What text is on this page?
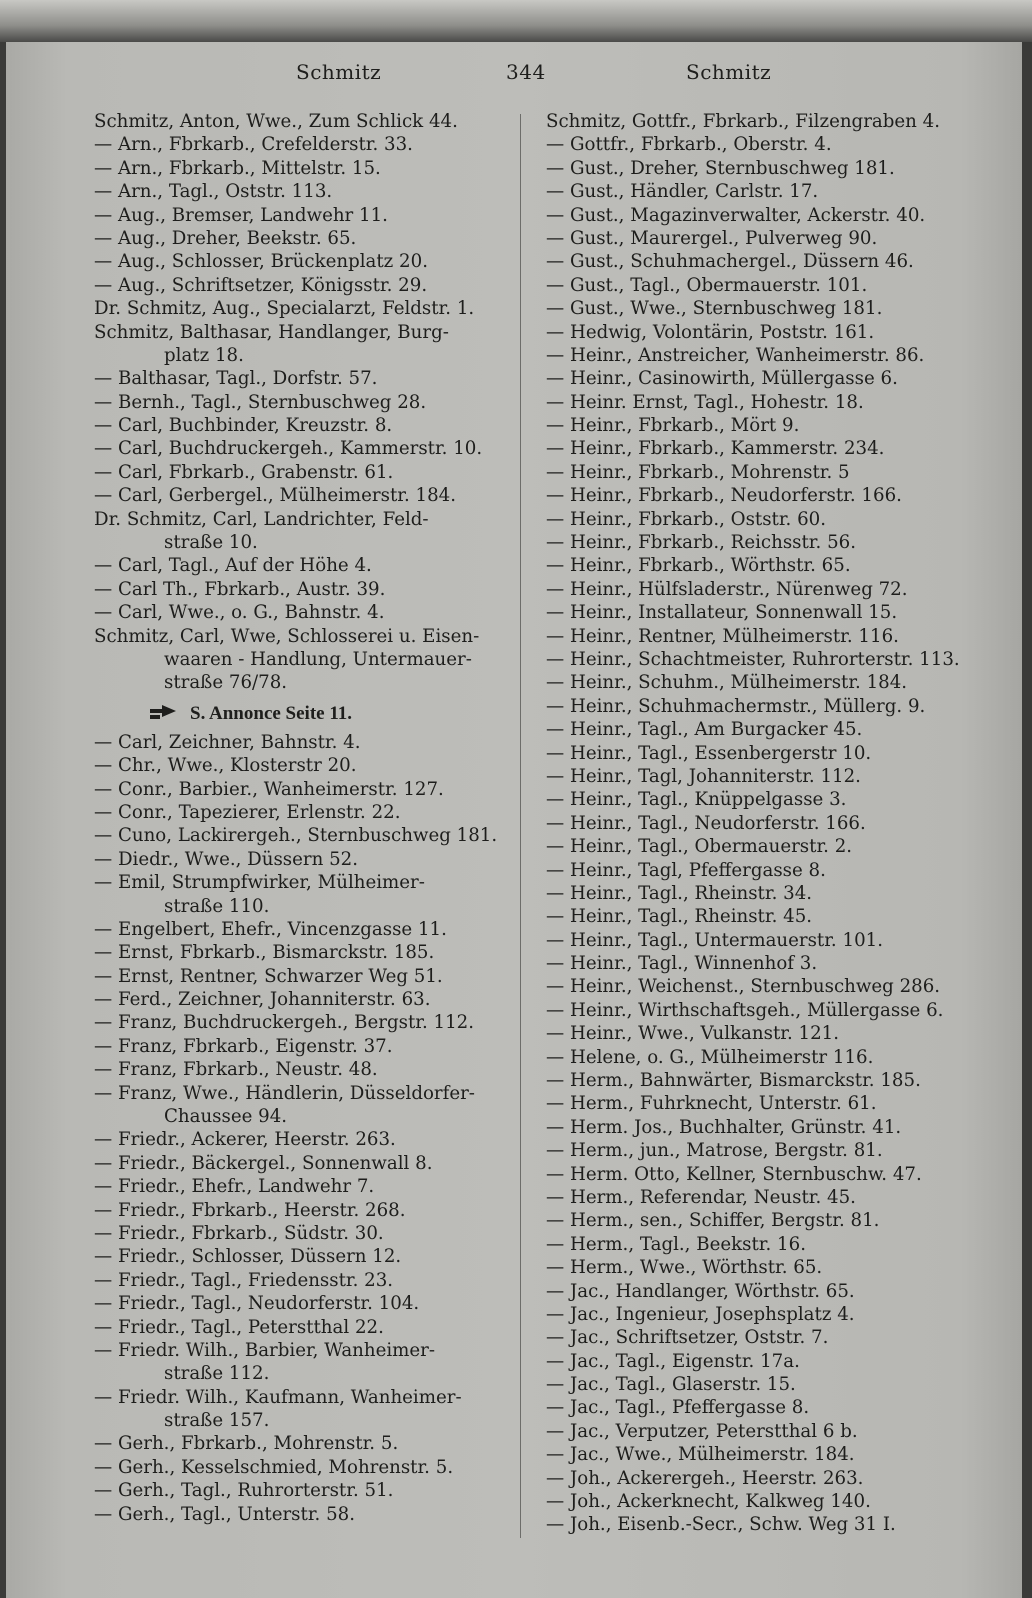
Schmitz	344	Schmitz
Schmitz, Anton, Wwe., Zum Schlick 44.
— Arn., Fbrkarb., Crefelderstr. 33.
— Arn., Fbrkarb., Mittelstr. 15.
— Arn., Tagl., Oststr. 113.
— Aug., Bremser, Landwehr 11.
— Aug., Dreher, Beekstr. 65.
— Aug., Schlosser, Brückenplatz 20.
— Aug., Schriftsetzer, Königsstr. 29.
Dr. Schmitz, Aug., Specialarzt, Feldstr. 1.
Schmitz, Balthasar, Handlanger, Burg-
platz 18.
— Balthasar, Tagl., Dorfstr. 57.
— Bernh., Tagl., Sternbuschweg 28.
— Carl, Buchbinder, Kreuzstr. 8.
— Carl, Buchdruckergeh., Kammerstr. 10.
— Carl, Fbrkarb., Grabenstr. 61.
— Carl, Gerbergel., Mülheimerstr. 184.
Dr. Schmitz, Carl, Landrichter, Feld-
straße 10.
— Carl, Tagl., Auf der Höhe 4.
— Carl Th., Fbrkarb., Austr. 39.
— Carl, Wwe., o. G., Bahnstr. 4.
Schmitz, Carl, Wwe, Schlosserei u. Eisen-
waaren - Handlung, Untermauer-
straße 76/78.
S. Annonce Seite 11.
— Carl, Zeichner, Bahnstr. 4.
— Chr., Wwe., Klosterstr 20.
— Conr., Barbier., Wanheimerstr. 127.
— Conr., Tapezierer, Erlenstr. 22.
— Cuno, Lackirergeh., Sternbuschweg 181.
— Diedr., Wwe., Düssern 52.
— Emil, Strumpfwirker, Mülheimer-
straße 110.
— Engelbert, Ehefr., Vincenzgasse 11.
— Ernst, Fbrkarb., Bismarckstr. 185.
— Ernst, Rentner, Schwarzer Weg 51.
— Ferd., Zeichner, Johanniterstr. 63.
— Franz, Buchdruckergeh., Bergstr. 112.
— Franz, Fbrkarb., Eigenstr. 37.
— Franz, Fbrkarb., Neustr. 48.
— Franz, Wwe., Händlerin, Düsseldorfer-
Chaussee 94.
— Friedr., Ackerer, Heerstr. 263.
— Friedr., Bäckergel., Sonnenwall 8.
— Friedr., Ehefr., Landwehr 7.
— Friedr., Fbrkarb., Heerstr. 268.
— Friedr., Fbrkarb., Südstr. 30.
— Friedr., Schlosser, Düssern 12.
— Friedr., Tagl., Friedensstr. 23.
— Friedr., Tagl., Neudorferstr. 104.
— Friedr., Tagl., Peterstthal 22.
— Friedr. Wilh., Barbier, Wanheimer-
straße 112.
— Friedr. Wilh., Kaufmann, Wanheimer-
straße 157.
— Gerh., Fbrkarb., Mohrenstr. 5.
— Gerh., Kesselschmied, Mohrenstr. 5.
— Gerh., Tagl., Ruhrorterstr. 51.
— Gerh., Tagl., Unterstr. 58.
Schmitz, Gottfr., Fbrkarb., Filzengraben 4.
— Gottfr., Fbrkarb., Oberstr. 4.
— Gust., Dreher, Sternbuschweg 181.
— Gust., Händler, Carlstr. 17.
— Gust., Magazinverwalter, Ackerstr. 40.
— Gust., Maurergel., Pulverweg 90.
— Gust., Schuhmachergel., Düssern 46.
— Gust., Tagl., Obermauerstr. 101.
— Gust., Wwe., Sternbuschweg 181.
— Hedwig, Volontärin, Poststr. 161.
— Heinr., Anstreicher, Wanheimerstr. 86.
— Heinr., Casinowirth, Müllergasse 6.
— Heinr. Ernst, Tagl., Hohestr. 18.
— Heinr., Fbrkarb., Mört 9.
— Heinr., Fbrkarb., Kammerstr. 234.
— Heinr., Fbrkarb., Mohrenstr. 5
— Heinr., Fbrkarb., Neudorferstr. 166.
— Heinr., Fbrkarb., Oststr. 60.
— Heinr., Fbrkarb., Reichsstr. 56.
— Heinr., Fbrkarb., Wörthstr. 65.
— Heinr., Hülfsladerstr., Nürenweg 72.
— Heinr., Installateur, Sonnenwall 15.
— Heinr., Rentner, Mülheimerstr. 116.
— Heinr., Schachtmeister, Ruhrorterstr. 113.
— Heinr., Schuhm., Mülheimerstr. 184.
— Heinr., Schuhmachermstr., Müllerg. 9.
— Heinr., Tagl., Am Burgacker 45.
— Heinr., Tagl., Essenbergerstr 10.
— Heinr., Tagl, Johanniterstr. 112.
— Heinr., Tagl., Knüppelgasse 3.
— Heinr., Tagl., Neudorferstr. 166.
— Heinr., Tagl., Obermauerstr. 2.
— Heinr., Tagl, Pfeffergasse 8.
— Heinr., Tagl., Rheinstr. 34.
— Heinr., Tagl., Rheinstr. 45.
— Heinr., Tagl., Untermauerstr. 101.
— Heinr., Tagl., Winnenhof 3.
— Heinr., Weichenst., Sternbuschweg 286.
— Heinr., Wirthschaftsgeh., Müllergasse 6.
— Heinr., Wwe., Vulkanstr. 121.
— Helene, o. G., Mülheimerstr 116.
— Herm., Bahnwärter, Bismarckstr. 185.
— Herm., Fuhrknecht, Unterstr. 61.
— Herm. Jos., Buchhalter, Grünstr. 41.
— Herm., jun., Matrose, Bergstr. 81.
— Herm. Otto, Kellner, Sternbuschw. 47.
— Herm., Referendar, Neustr. 45.
— Herm., sen., Schiffer, Bergstr. 81.
— Herm., Tagl., Beekstr. 16.
— Herm., Wwe., Wörthstr. 65.
— Jac., Handlanger, Wörthstr. 65.
— Jac., Ingenieur, Josephsplatz 4.
— Jac., Schriftsetzer, Oststr. 7.
— Jac., Tagl., Eigenstr. 17a.
— Jac., Tagl., Glaserstr. 15.
— Jac., Tagl., Pfeffergasse 8.
— Jac., Verputzer, Peterstthal 6 b.
— Jac., Wwe., Mülheimerstr. 184.
— Joh., Ackerergeh., Heerstr. 263.
— Joh., Ackerknecht, Kalkweg 140.
— Joh., Eisenb.-Secr., Schw. Weg 31 I.
